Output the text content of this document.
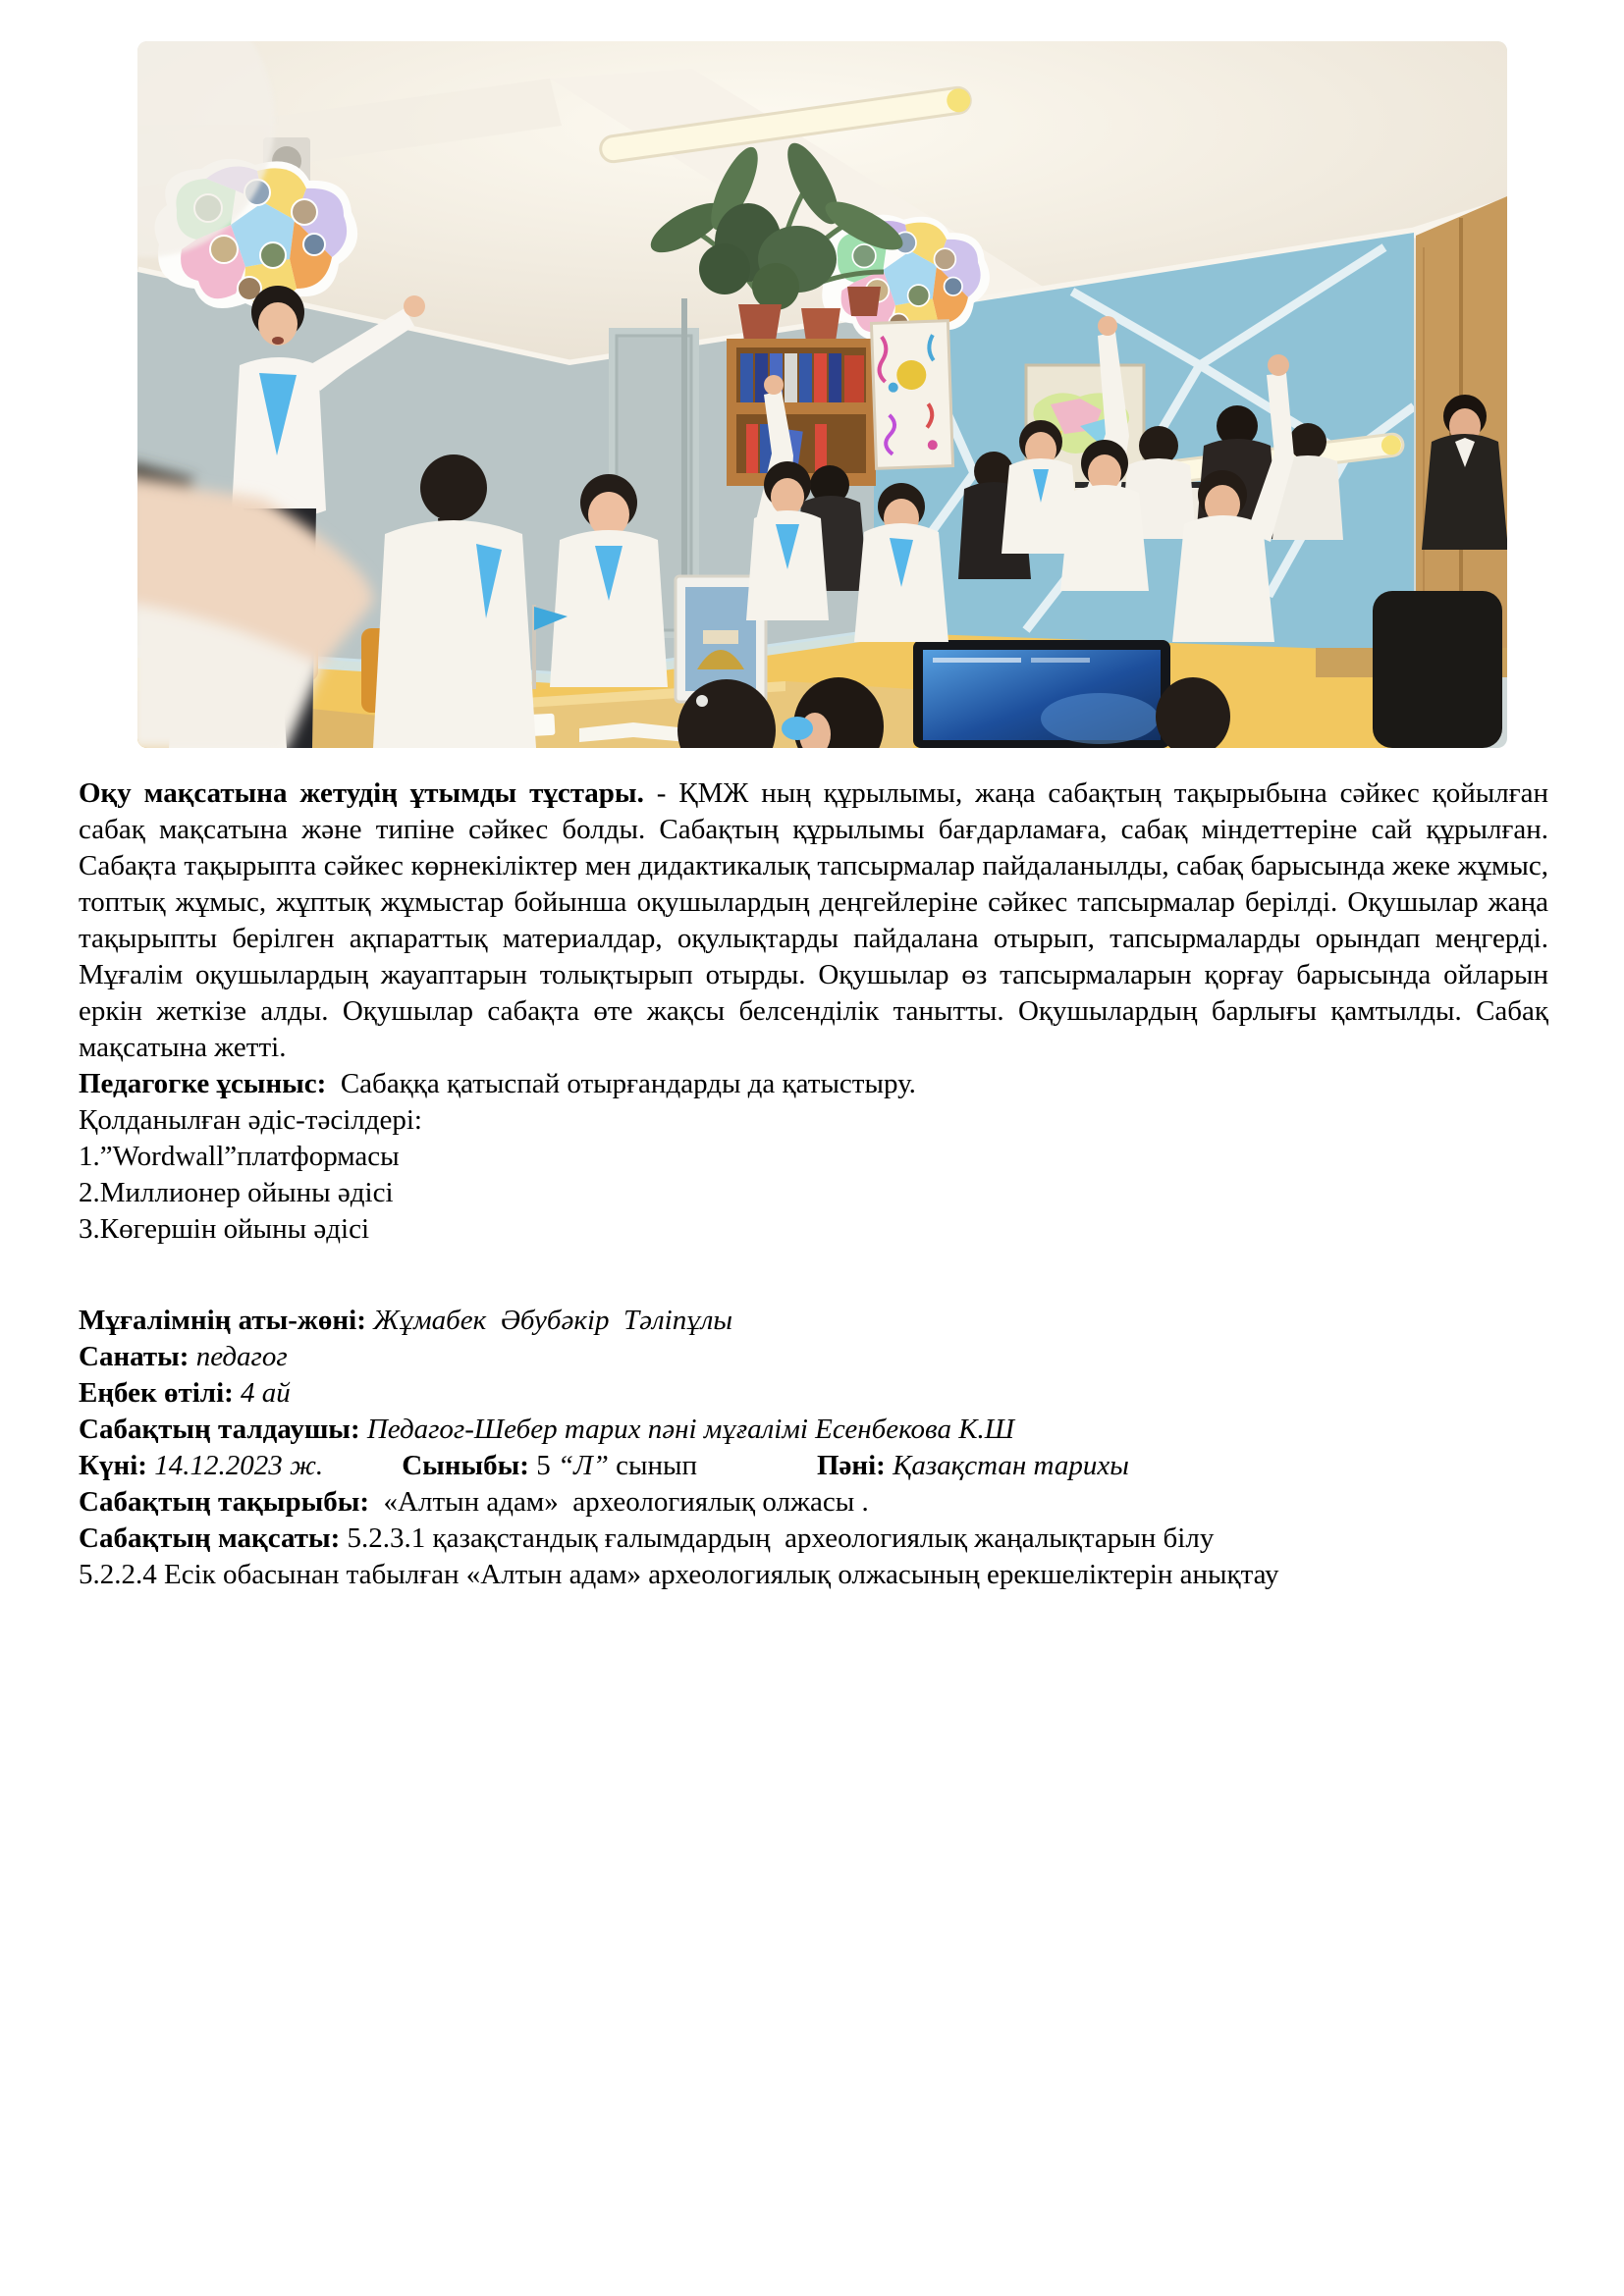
Оқу мақсатына жетудің ұтымды тұстары. - ҚМЖ ның құрылымы, жаңа сабақтың тақырыбына сәйкес қойылған сабақ мақсатына және типіне сәйкес болды. Сабақтың құрылымы бағдарламаға, сабақ міндеттеріне сай құрылған. Сабақта тақырыпта сәйкес көрнекіліктер мен дидактикалық тапсырмалар пайдаланылды, сабақ барысында жеке жұмыс, топтық жұмыс, жұптық жұмыстар бойынша оқушылардың деңгейлеріне сәйкес тапсырмалар берілді. Оқушылар жаңа тақырыпты берілген ақпараттық материалдар, оқулықтарды пайдалана отырып, тапсырмаларды орындап меңгерді. Мұғалім оқушылардың жауаптарын толықтырып отырды. Оқушылар өз тапсырмаларын қорғау барысында ойларын еркін жеткізе алды. Оқушылар сабақта өте жақсы белсенділік танытты. Оқушылардың барлығы қамтылды. Сабақ мақсатына жетті.

Педагогке ұсыныс:  Сабаққа қатыспай отырғандарды да қатыстыру.

Қолданылған әдіс-тәсілдері:

1.”Wordwall”платформасы

2.Миллионер ойыны әдісі

3.Көгершін ойыны әдісі

Мұғалімнің аты-жөні: Жұмабек  Әбубәкір  Тәліпұлы

Санаты: педагог

Еңбек өтілі: 4 ай

Сабақтың талдаушы: Педагог-Шебер тарих пәні мұғалімі Есенбекова К.Ш

Күні: 14.12.2023 ж.	Сыныбы: 5 “Л” сынып	Пәні: Қазақстан тарихы

Сабақтың тақырыбы:  «Алтын адам»  археологиялық олжасы .

Сабақтың мақсаты: 5.2.3.1 қазақстандық ғалымдардың  археологиялық жаңалықтарын білу

5.2.2.4 Есік обасынан табылған «Алтын адам» археологиялық олжасының ерекшеліктерін анықтау
